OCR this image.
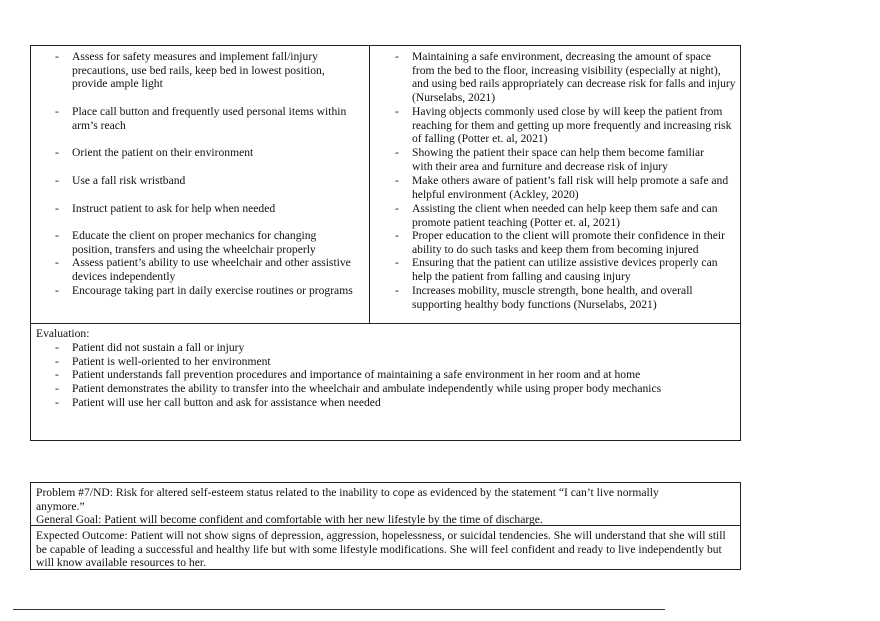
- Assess for safety measures and implement fall/injury precautions, use bed rails, keep bed in lowest position, provide ample light
- Place call button and frequently used personal items within arm’s reach
- Orient the patient on their environment
- Use a fall risk wristband
- Instruct patient to ask for help when needed
- Educate the client on proper mechanics for changing position, transfers and using the wheelchair properly
- Assess patient’s ability to use wheelchair and other assistive devices independently
- Encourage taking part in daily exercise routines or programs
- Maintaining a safe environment, decreasing the amount of space from the bed to the floor, increasing visibility (especially at night), and using bed rails appropriately can decrease risk for falls and injury (Nurselabs, 2021)
- Having objects commonly used close by will keep the patient from reaching for them and getting up more frequently and increasing risk of falling (Potter et. al, 2021)
- Showing the patient their space can help them become familiar with their area and furniture and decrease risk of injury
- Make others aware of patient’s fall risk will help promote a safe and helpful environment (Ackley, 2020)
- Assisting the client when needed can help keep them safe and can promote patient teaching (Potter et. al, 2021)
- Proper education to the client will promote their confidence in their ability to do such tasks and keep them from becoming injured
- Ensuring that the patient can utilize assistive devices properly can help the patient from falling and causing injury
- Increases mobility, muscle strength, bone health, and overall supporting healthy body functions (Nurselabs, 2021)
Evaluation:
- Patient did not sustain a fall or injury
- Patient is well-oriented to her environment
- Patient understands fall prevention procedures and importance of maintaining a safe environment in her room and at home
- Patient demonstrates the ability to transfer into the wheelchair and ambulate independently while using proper body mechanics
- Patient will use her call button and ask for assistance when needed
Problem #7/ND: Risk for altered self-esteem status related to the inability to cope as evidenced by the statement “I can’t live normally anymore.”
General Goal: Patient will become confident and comfortable with her new lifestyle by the time of discharge.
Expected Outcome: Patient will not show signs of depression, aggression, hopelessness, or suicidal tendencies. She will understand that she will still be capable of leading a successful and healthy life but with some lifestyle modifications. She will feel confident and ready to live independently but will know available resources to her.
